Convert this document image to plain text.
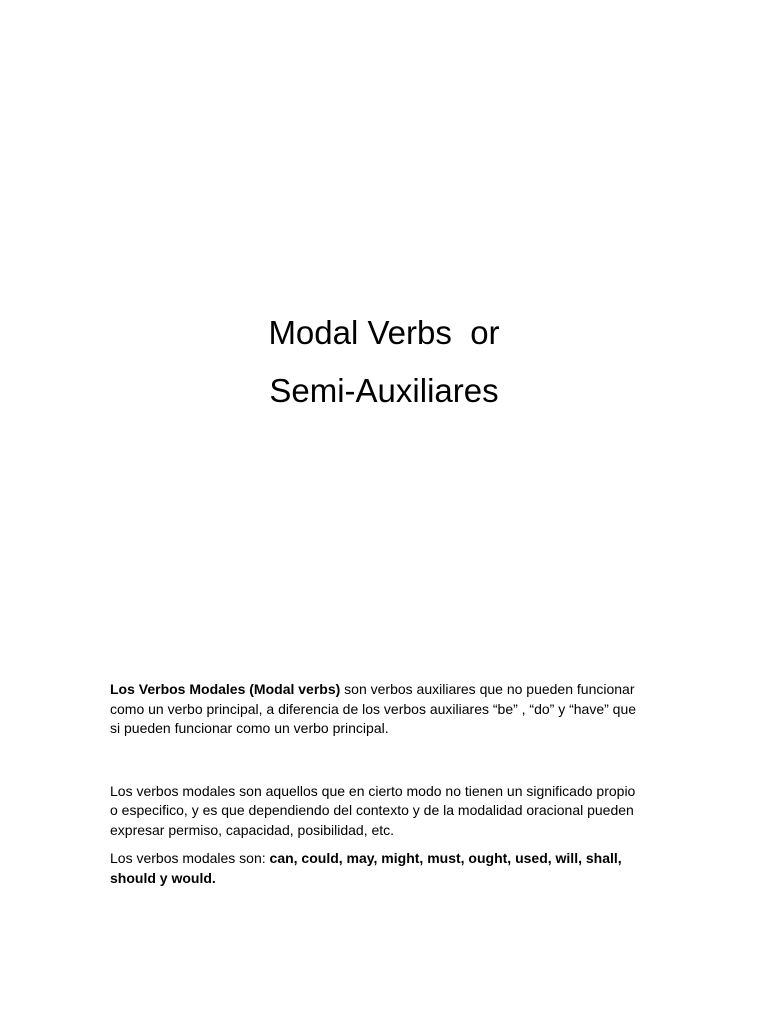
Modal Verbs  or
Semi-Auxiliares

Los Verbos Modales (Modal verbs) son verbos auxiliares que no pueden funcionar como un verbo principal, a diferencia de los verbos auxiliares “be” , “do” y “have” que si pueden funcionar como un verbo principal.

Los verbos modales son aquellos que en cierto modo no tienen un significado propio o especifico, y es que dependiendo del contexto y de la modalidad oracional pueden expresar permiso, capacidad, posibilidad, etc.

Los verbos modales son: can, could, may, might, must, ought, used, will, shall, should y would.
